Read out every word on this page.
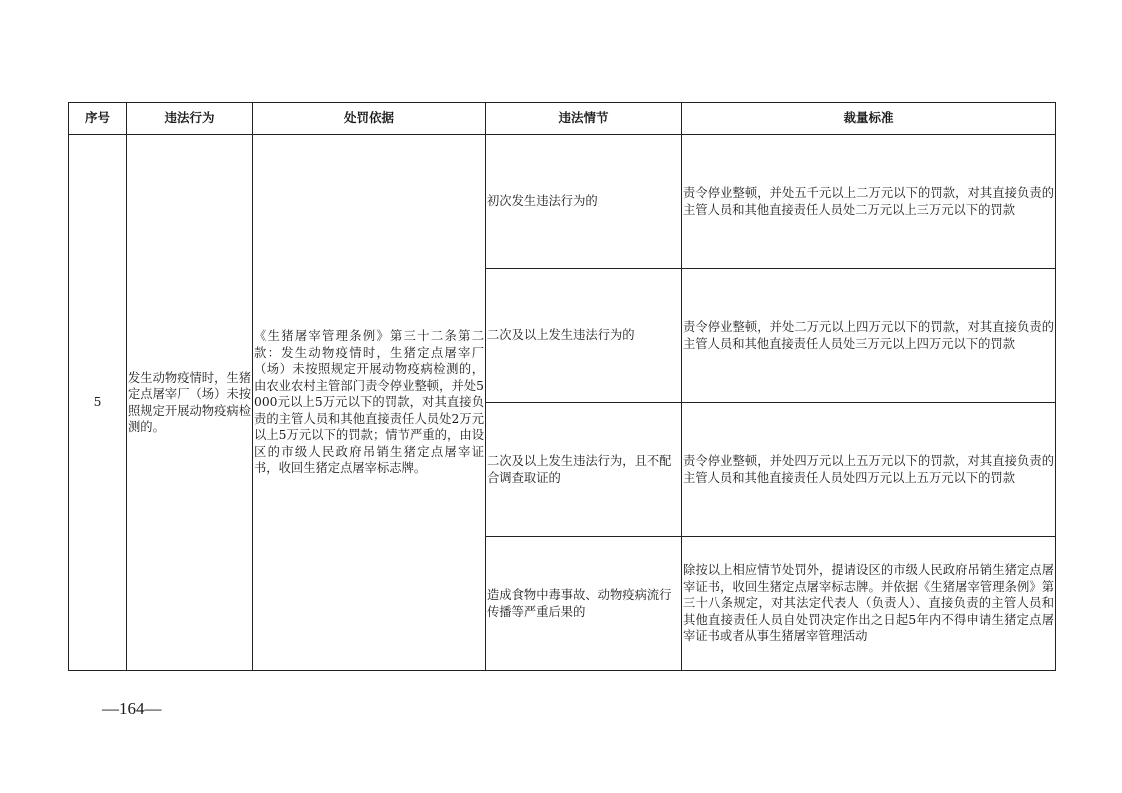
序号	违法行为	处罚依据	违法情节	裁量标准
5	发生动物疫情时，生猪定点屠宰厂（场）未按照规定开展动物疫病检测的。	《生猪屠宰管理条例》第三十二条第二款：发生动物疫情时，生猪定点屠宰厂（场）未按照规定开展动物疫病检测的，由农业农村主管部门责令停业整顿，并处5000元以上5万元以下的罚款，对其直接负责的主管人员和其他直接责任人员处2万元以上5万元以下的罚款；情节严重的，由设区的市级人民政府吊销生猪定点屠宰证书，收回生猪定点屠宰标志牌。	初次发生违法行为的	责令停业整顿，并处五千元以上二万元以下的罚款，对其直接负责的主管人员和其他直接责任人员处二万元以上三万元以下的罚款
			二次及以上发生违法行为的	责令停业整顿，并处二万元以上四万元以下的罚款，对其直接负责的主管人员和其他直接责任人员处三万元以上四万元以下的罚款
			二次及以上发生违法行为，且不配合调查取证的	责令停业整顿，并处四万元以上五万元以下的罚款，对其直接负责的主管人员和其他直接责任人员处四万元以上五万元以下的罚款
			造成食物中毒事故、动物疫病流行传播等严重后果的	除按以上相应情节处罚外，提请设区的市级人民政府吊销生猪定点屠宰证书，收回生猪定点屠宰标志牌。并依据《生猪屠宰管理条例》第三十八条规定，对其法定代表人（负责人）、直接负责的主管人员和其他直接责任人员自处罚决定作出之日起5年内不得申请生猪定点屠宰证书或者从事生猪屠宰管理活动
—164—
